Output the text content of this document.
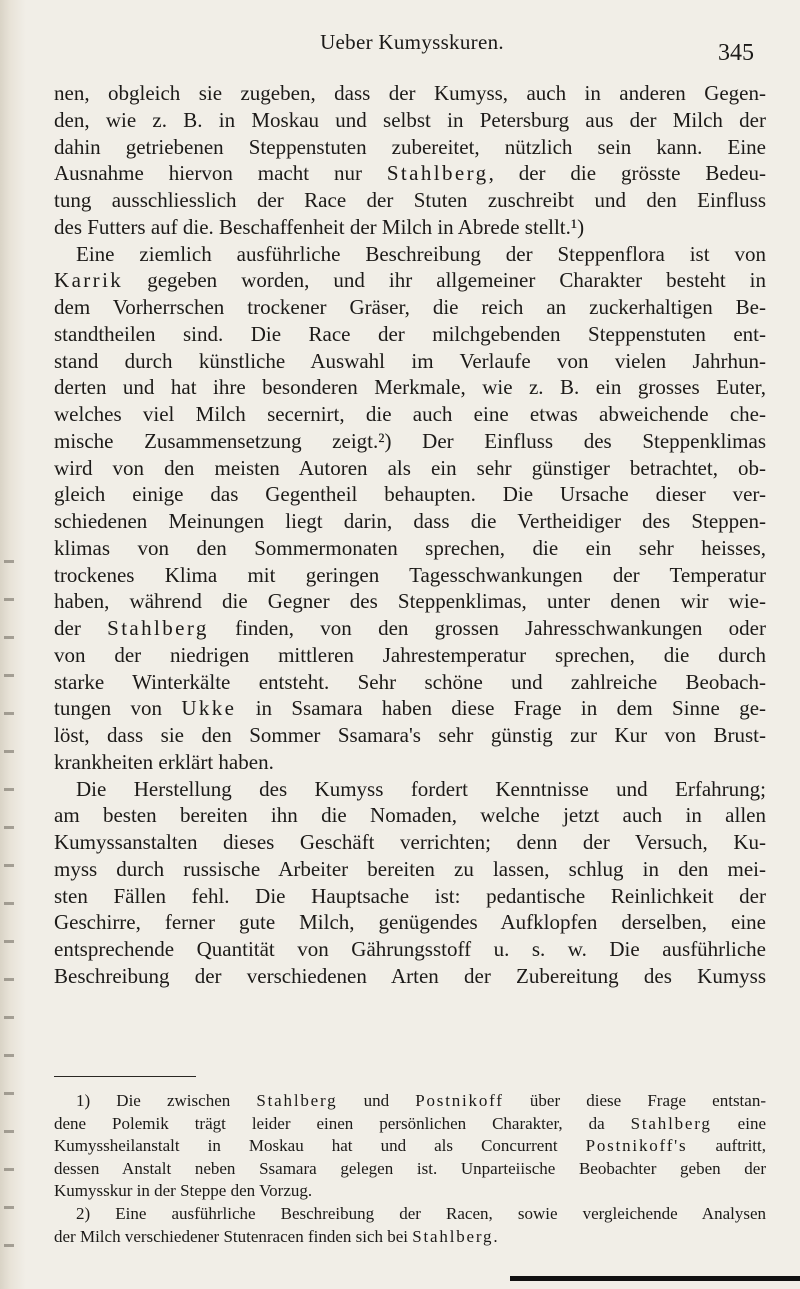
Ueber Kumysskuren.	345
nen, obgleich sie zugeben, dass der Kumyss, auch in anderen Gegen-
den, wie z. B. in Moskau und selbst in Petersburg aus der Milch der
dahin getriebenen Steppenstuten zubereitet, nützlich sein kann. Eine
Ausnahme hiervon macht nur Stahlberg, der die grösste Bedeu-
tung ausschliesslich der Race der Stuten zuschreibt und den Einfluss
des Futters auf die. Beschaffenheit der Milch in Abrede stellt.¹)
Eine ziemlich ausführliche Beschreibung der Steppenflora ist von
Karrik gegeben worden, und ihr allgemeiner Charakter besteht in
dem Vorherrschen trockener Gräser, die reich an zuckerhaltigen Be-
standtheilen sind. Die Race der milchgebenden Steppenstuten ent-
stand durch künstliche Auswahl im Verlaufe von vielen Jahrhun-
derten und hat ihre besonderen Merkmale, wie z. B. ein grosses Euter,
welches viel Milch secernirt, die auch eine etwas abweichende che-
mische Zusammensetzung zeigt.²) Der Einfluss des Steppenklimas
wird von den meisten Autoren als ein sehr günstiger betrachtet, ob-
gleich einige das Gegentheil behaupten. Die Ursache dieser ver-
schiedenen Meinungen liegt darin, dass die Vertheidiger des Steppen-
klimas von den Sommermonaten sprechen, die ein sehr heisses,
trockenes Klima mit geringen Tagesschwankungen der Temperatur
haben, während die Gegner des Steppenklimas, unter denen wir wie-
der Stahlberg finden, von den grossen Jahresschwankungen oder
von der niedrigen mittleren Jahrestemperatur sprechen, die durch
starke Winterkälte entsteht. Sehr schöne und zahlreiche Beobach-
tungen von Ukke in Ssamara haben diese Frage in dem Sinne ge-
löst, dass sie den Sommer Ssamara's sehr günstig zur Kur von Brust-
krankheiten erklärt haben.
Die Herstellung des Kumyss fordert Kenntnisse und Erfahrung;
am besten bereiten ihn die Nomaden, welche jetzt auch in allen
Kumyssanstalten dieses Geschäft verrichten; denn der Versuch, Ku-
myss durch russische Arbeiter bereiten zu lassen, schlug in den mei-
sten Fällen fehl. Die Hauptsache ist: pedantische Reinlichkeit der
Geschirre, ferner gute Milch, genügendes Aufklopfen derselben, eine
entsprechende Quantität von Gährungsstoff u. s. w. Die ausführliche
Beschreibung der verschiedenen Arten der Zubereitung des Kumyss
1) Die zwischen Stahlberg und Postnikoff über diese Frage entstan-
dene Polemik trägt leider einen persönlichen Charakter, da Stahlberg eine
Kumyssheilanstalt in Moskau hat und als Concurrent Postnikoff's auftritt,
dessen Anstalt neben Ssamara gelegen ist. Unparteiische Beobachter geben der
Kumysskur in der Steppe den Vorzug.
2) Eine ausführliche Beschreibung der Racen, sowie vergleichende Analysen
der Milch verschiedener Stutenracen finden sich bei Stahlberg.
